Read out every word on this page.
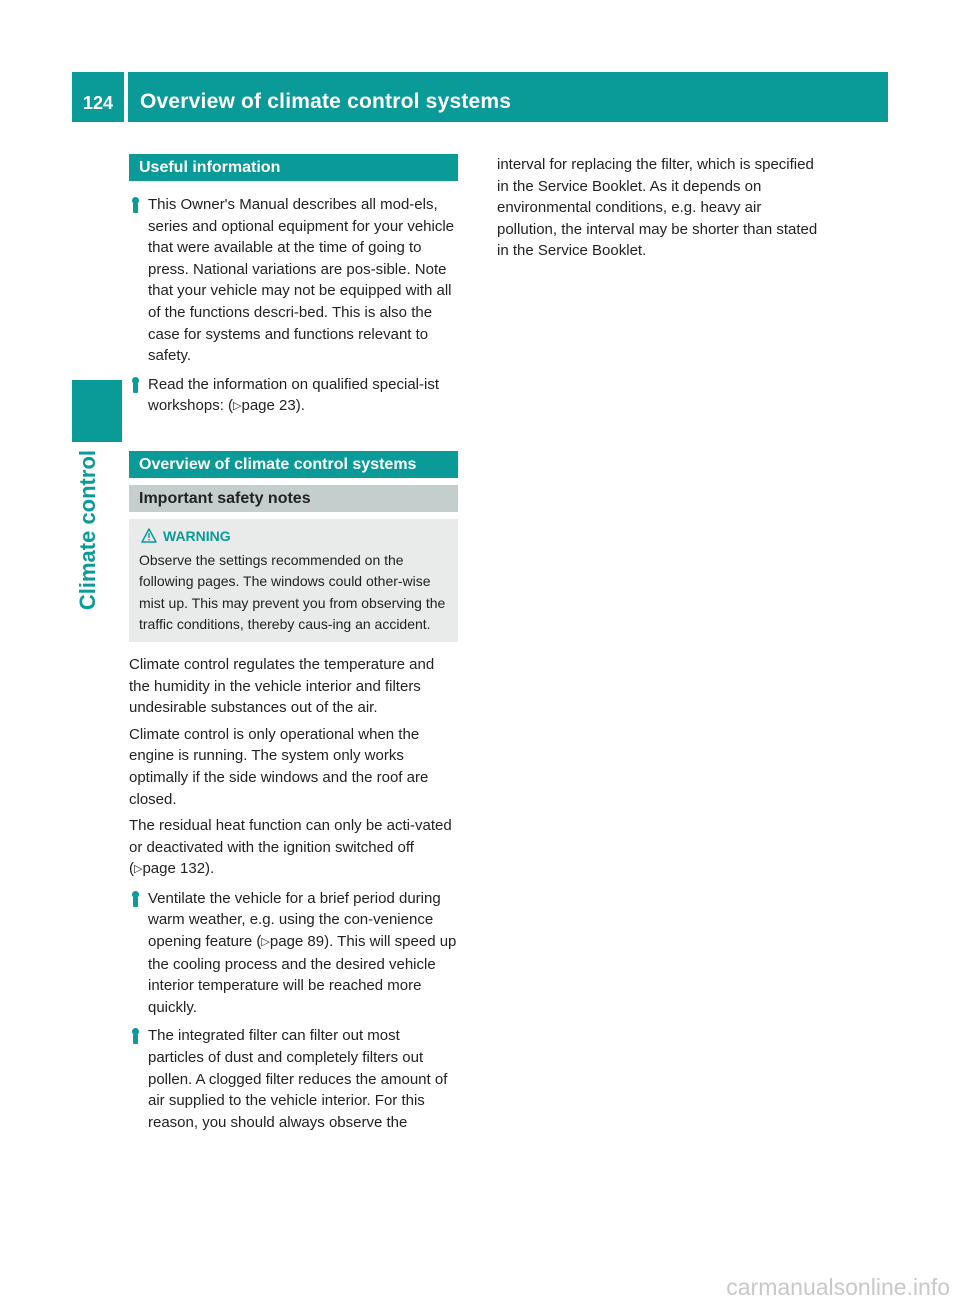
124	Overview of climate control systems
Climate control
Useful information

This Owner's Manual describes all mod-els, series and optional equipment for your vehicle that were available at the time of going to press. National variations are pos-sible. Note that your vehicle may not be equipped with all of the functions descri-bed. This is also the case for systems and functions relevant to safety.

Read the information on qualified special-ist workshops: (▷page 23).

Overview of climate control systems
Important safety notes
WARNING

Observe the settings recommended on the following pages. The windows could other-wise mist up. This may prevent you from observing the traffic conditions, thereby caus-ing an accident.

Climate control regulates the temperature and the humidity in the vehicle interior and filters undesirable substances out of the air.

Climate control is only operational when the engine is running. The system only works optimally if the side windows and the roof are closed.

The residual heat function can only be acti-vated or deactivated with the ignition switched off (▷page 132).

Ventilate the vehicle for a brief period during warm weather, e.g. using the con-venience opening feature (▷page 89). This will speed up the cooling process and the desired vehicle interior temperature will be reached more quickly.

The integrated filter can filter out most particles of dust and completely filters out pollen. A clogged filter reduces the amount of air supplied to the vehicle interior. For this reason, you should always observe the

interval for replacing the filter, which is specified in the Service Booklet. As it depends on environmental conditions, e.g. heavy air pollution, the interval may be shorter than stated in the Service Booklet.

carmanualsonline.info
